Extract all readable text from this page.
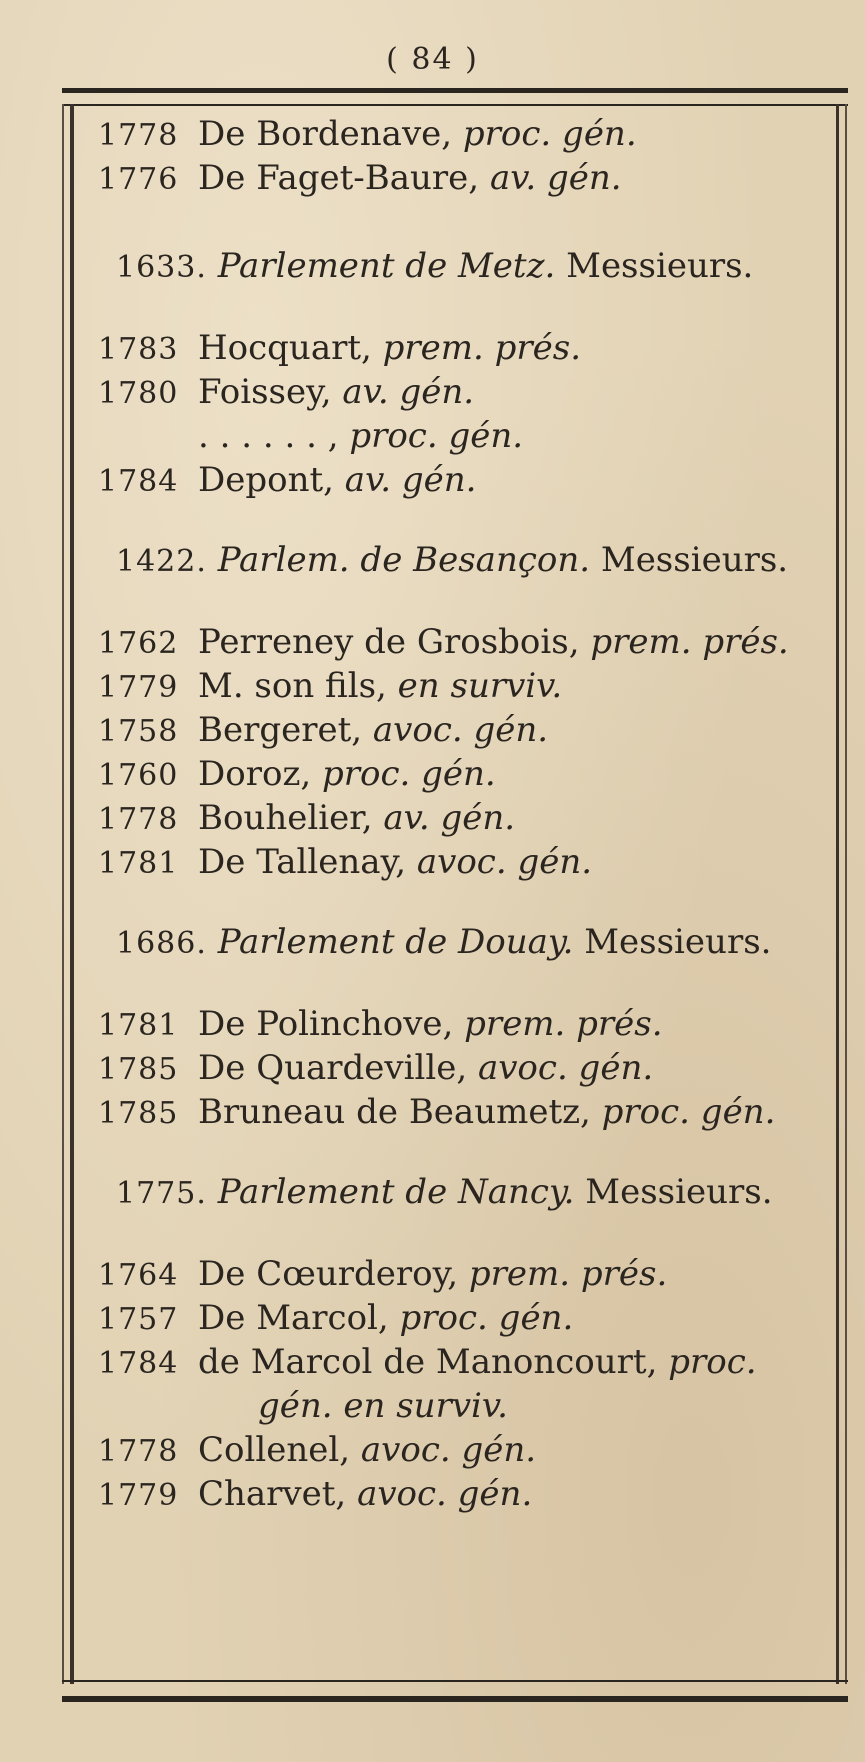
( 84 )
1778 De Bordenave, proc. gén.
1776 De Faget-Baure, av. gén.
1633. Parlement de Metz. Messieurs.
1783 Hocquart, prem. prés.
1780 Foissey, av. gén.
. . . . . . , proc. gén.
1784 Depont, av. gén.
1422. Parlem. de Besançon. Messieurs.
1762 Perreney de Grosbois, prem. prés.
1779 M. son fils, en surviv.
1758 Bergeret, avoc. gén.
1760 Doroz, proc. gén.
1778 Bouhelier, av. gén.
1781 De Tallenay, avoc. gén.
1686. Parlement de Douay. Messieurs.
1781 De Polinchove, prem. prés.
1785 De Quardeville, avoc. gén.
1785 Bruneau de Beaumetz, proc. gén.
1775. Parlement de Nancy. Messieurs.
1764 De Cœurderoy, prem. prés.
1757 De Marcol, proc. gén.
1784 de Marcol de Manoncourt, proc.
gén. en surviv.
1778 Collenel, avoc. gén.
1779 Charvet, avoc. gén.
